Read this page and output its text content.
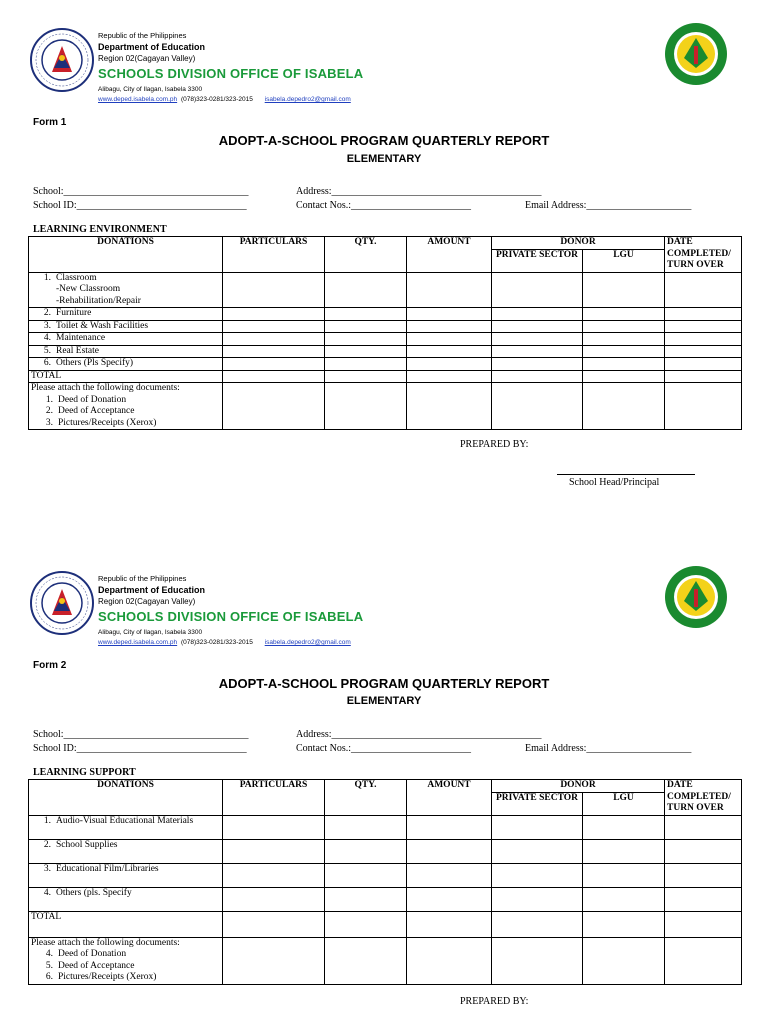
Republic of the Philippines
Department of Education
Region 02(Cagayan Valley)
SCHOOLS DIVISION OFFICE OF ISABELA
Alibagu, City of Ilagan, Isabela 3300
www.deped.isabela.com.ph (078)323-0281/323-2015 isabela.depedro2@gmail.com
Form 1
ADOPT-A-SCHOOL PROGRAM QUARTERLY REPORT
ELEMENTARY
School:_____________________________________	Address:__________________________________________
School ID:__________________________________	Contact Nos.:________________________	Email Address:_____________________
LEARNING ENVIRONMENT
DONATIONS	PARTICULARS	QTY.	AMOUNT	DONOR		DATE COMPLETED/ TURN OVER
				PRIVATE SECTOR	LGU	

1. Classroom
-New Classroom
-Rehabilitation/Repair						

2. Furniture						
3. Toilet & Wash Facilities						
4. Maintenance						
5. Real Estate						
6. Others (Pls Specify)						
TOTAL						

Please attach the following documents:
1. Deed of Donation
2. Deed of Acceptance
3. Pictures/Receipts (Xerox)						

PREPARED BY:
School Head/Principal
Republic of the Philippines
Department of Education
Region 02(Cagayan Valley)
SCHOOLS DIVISION OFFICE OF ISABELA
Alibagu, City of Ilagan, Isabela 3300
www.deped.isabela.com.ph (078)323-0281/323-2015 isabela.depedro2@gmail.com
Form 2
ADOPT-A-SCHOOL PROGRAM QUARTERLY REPORT
ELEMENTARY
School:_____________________________________	Address:__________________________________________
School ID:__________________________________	Contact Nos.:________________________	Email Address:_____________________
LEARNING SUPPORT
DONATIONS	PARTICULARS	QTY.	AMOUNT	DONOR		DATE COMPLETED/ TURN OVER
				PRIVATE SECTOR	LGU	
1. Audio-Visual Educational Materials						
2. School Supplies						
3. Educational Film/Libraries						
4. Others (pls. Specify						
TOTAL						

Please attach the following documents:
4. Deed of Donation
5. Deed of Acceptance
6. Pictures/Receipts (Xerox)						

PREPARED BY:
